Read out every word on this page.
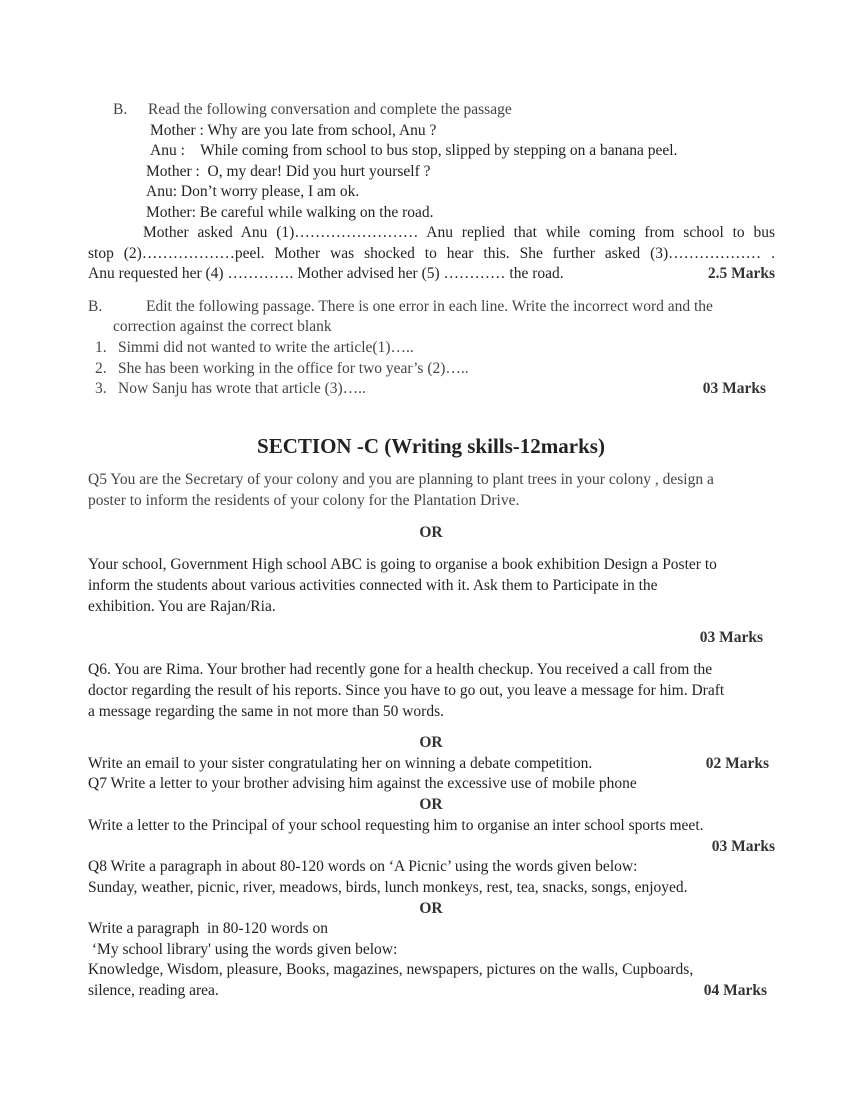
B. Read the following conversation and complete the passage
Mother : Why are you late from school, Anu ?
Anu :    While coming from school to bus stop, slipped by stepping on a banana peel.
Mother :  O, my dear! Did you hurt yourself ?
Anu: Don’t worry please, I am ok.
Mother: Be careful while walking on the road.
Mother asked Anu (1)…………………… Anu replied that while coming from school to bus
stop (2)………………peel. Mother was shocked to hear this. She further asked (3)……………… .
Anu requested her (4) …………. Mother advised her (5) ………… the road.	2.5 Marks
B.	Edit the following passage. There is one error in each line. Write the incorrect word and the
correction against the correct blank
1. Simmi did not wanted to write the article(1)…..
2. She has been working in the office for two year’s (2)…..
3. Now Sanju has wrote that article (3)…..	03 Marks
SECTION -C (Writing skills-12marks)
Q5 You are the Secretary of your colony and you are planning to plant trees in your colony , design a
poster to inform the residents of your colony for the Plantation Drive.
OR
Your school, Government High school ABC is going to organise a book exhibition Design a Poster to
inform the students about various activities connected with it. Ask them to Participate in the
exhibition. You are Rajan/Ria.
03 Marks
Q6. You are Rima. Your brother had recently gone for a health checkup. You received a call from the
doctor regarding the result of his reports. Since you have to go out, you leave a message for him. Draft
a message regarding the same in not more than 50 words.
OR
Write an email to your sister congratulating her on winning a debate competition.	02 Marks
Q7 Write a letter to your brother advising him against the excessive use of mobile phone
OR
Write a letter to the Principal of your school requesting him to organise an inter school sports meet.
03 Marks
Q8 Write a paragraph in about 80-120 words on ‘A Picnic’ using the words given below:
Sunday, weather, picnic, river, meadows, birds, lunch monkeys, rest, tea, snacks, songs, enjoyed.
OR
Write a paragraph  in 80-120 words on
‘My school library' using the words given below:
Knowledge, Wisdom, pleasure, Books, magazines, newspapers, pictures on the walls, Cupboards,
silence, reading area.	04 Marks
